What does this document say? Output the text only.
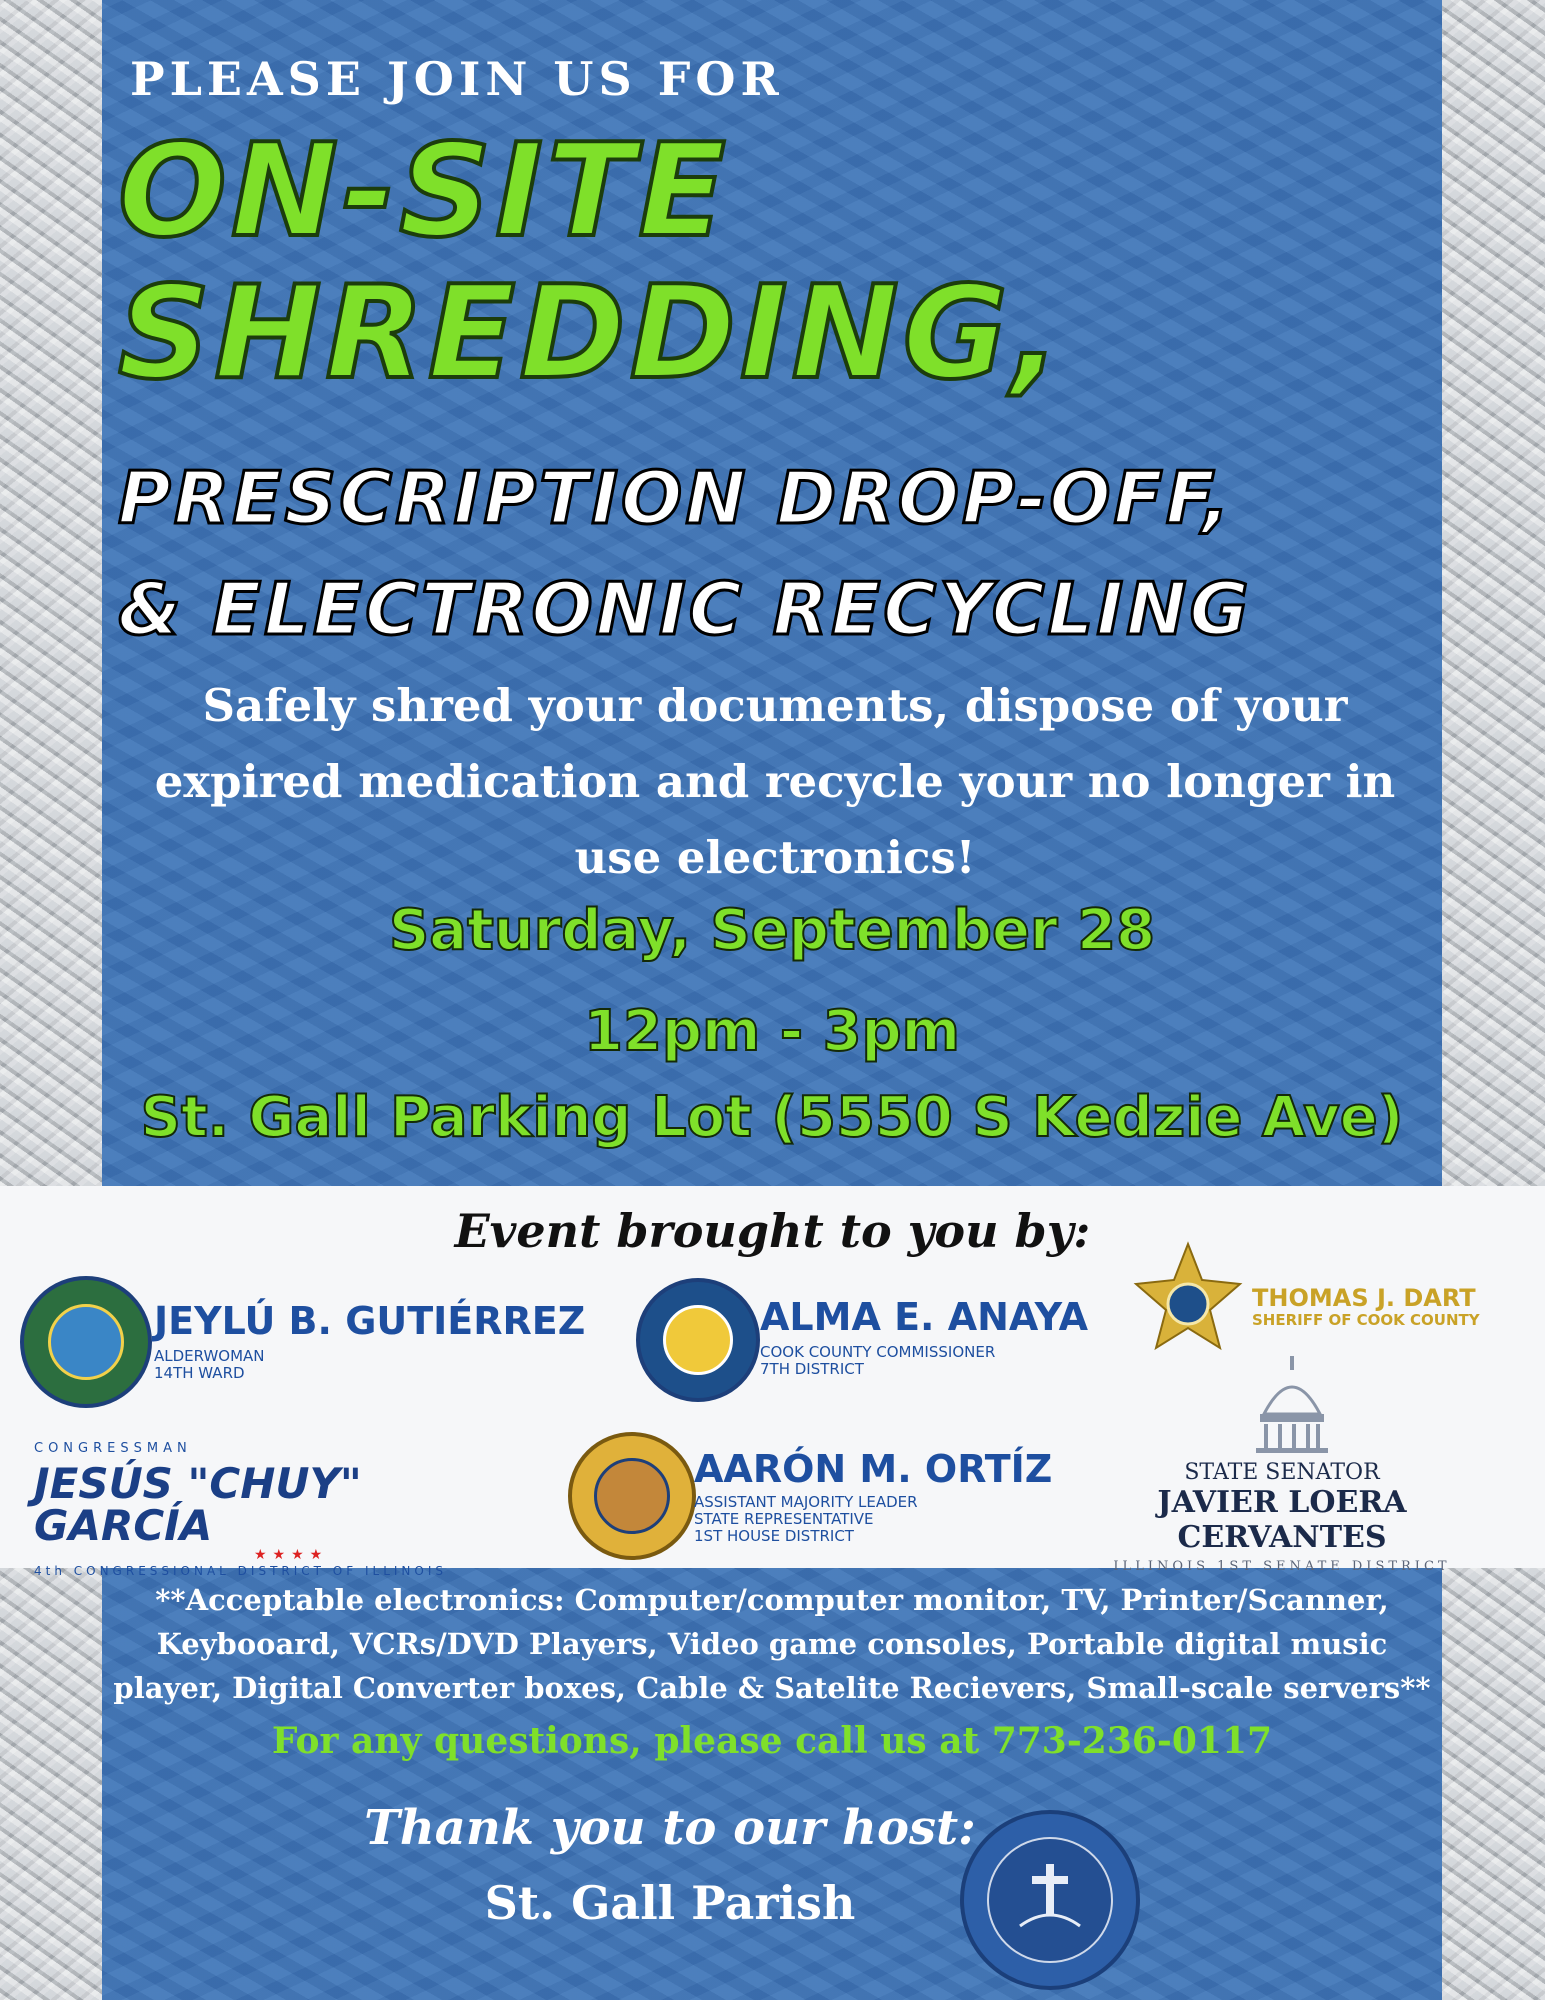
PLEASE JOIN US FOR
ON-SITE
SHREDDING,
PRESCRIPTION DROP-OFF,
& ELECTRONIC RECYCLING
Safely shred your documents, dispose of your expired medication and recycle your no longer in use electronics!
Saturday, September 28
12pm - 3pm
St. Gall Parking Lot (5550 S Kedzie Ave)
Event brought to you by:
JEYLÚ B. GUTIÉRREZ
ALDERWOMAN
14TH WARD
ALMA E. ANAYA
COOK COUNTY COMMISSIONER
7TH DISTRICT
THOMAS J. DART
SHERIFF OF COOK COUNTY
CONGRESSMAN
JESÚS "CHUY" GARCÍA
★★★★
4th CONGRESSIONAL DISTRICT OF ILLINOIS
AARÓN M. ORTÍZ
ASSISTANT MAJORITY LEADER
STATE REPRESENTATIVE
1ST HOUSE DISTRICT
STATE SENATOR
JAVIER LOERA CERVANTES
ILLINOIS 1ST SENATE DISTRICT
**Acceptable electronics: Computer/computer monitor, TV, Printer/Scanner, Keybooard, VCRs/DVD Players, Video game consoles, Portable digital music player, Digital Converter boxes, Cable & Satelite Recievers, Small-scale servers**
For any questions, please call us at 773-236-0117
Thank you to our host:
St. Gall Parish
